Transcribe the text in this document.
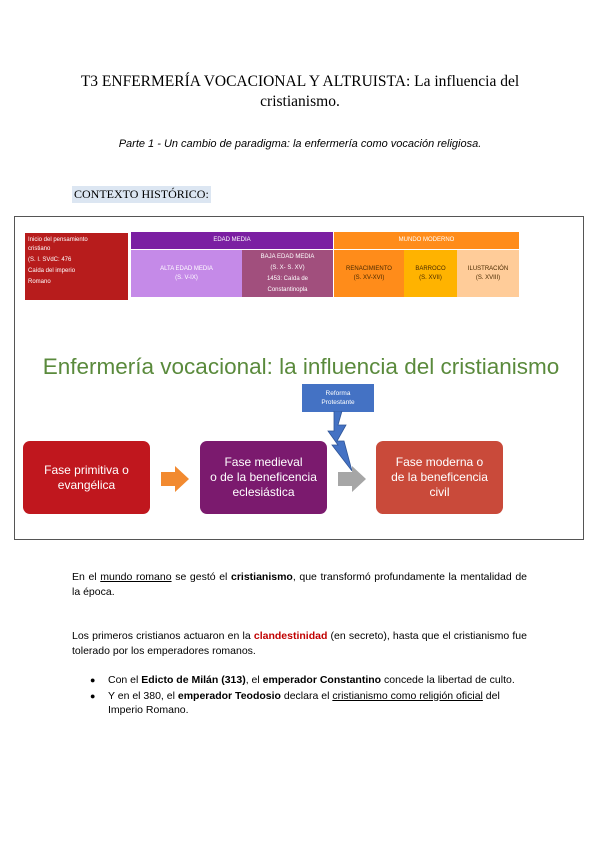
T3 ENFERMERÍA VOCACIONAL Y ALTRUISTA: La influencia del
cristianismo.
Parte 1 - Un cambio de paradigma: la enfermería como vocación religiosa.
CONTEXTO HISTÓRICO:
Inicio del pensamiento
cristiano
(S. I. SVdC: 476
Caída del imperio
Romano
EDAD MEDIA	MUNDO MODERNO
ALTA EDAD MEDIA
(S. V-IX)
BAJA EDAD MEDIA
(S. X- S. XV)
1453: Caída de
Constantinopla
RENACIMIENTO
(S. XV-XVI)
BARROCO
(S. XVII)
ILUSTRACIÓN
(S. XVIII)
Enfermería vocacional: la influencia del cristianismo
Reforma
Protestante
Fase primitiva o
evangélica
Fase medieval
o de la beneficencia
eclesiástica
Fase moderna o
de la beneficencia
civil
En el mundo romano se gestó el cristianismo, que transformó profundamente la mentalidad de la época.
Los primeros cristianos actuaron en la clandestinidad (en secreto), hasta que el cristianismo fue tolerado por los emperadores romanos.
● Con el Edicto de Milán (313), el emperador Constantino concede la libertad de culto.
● Y en el 380, el emperador Teodosio declara el cristianismo como religión oficial del Imperio Romano.
